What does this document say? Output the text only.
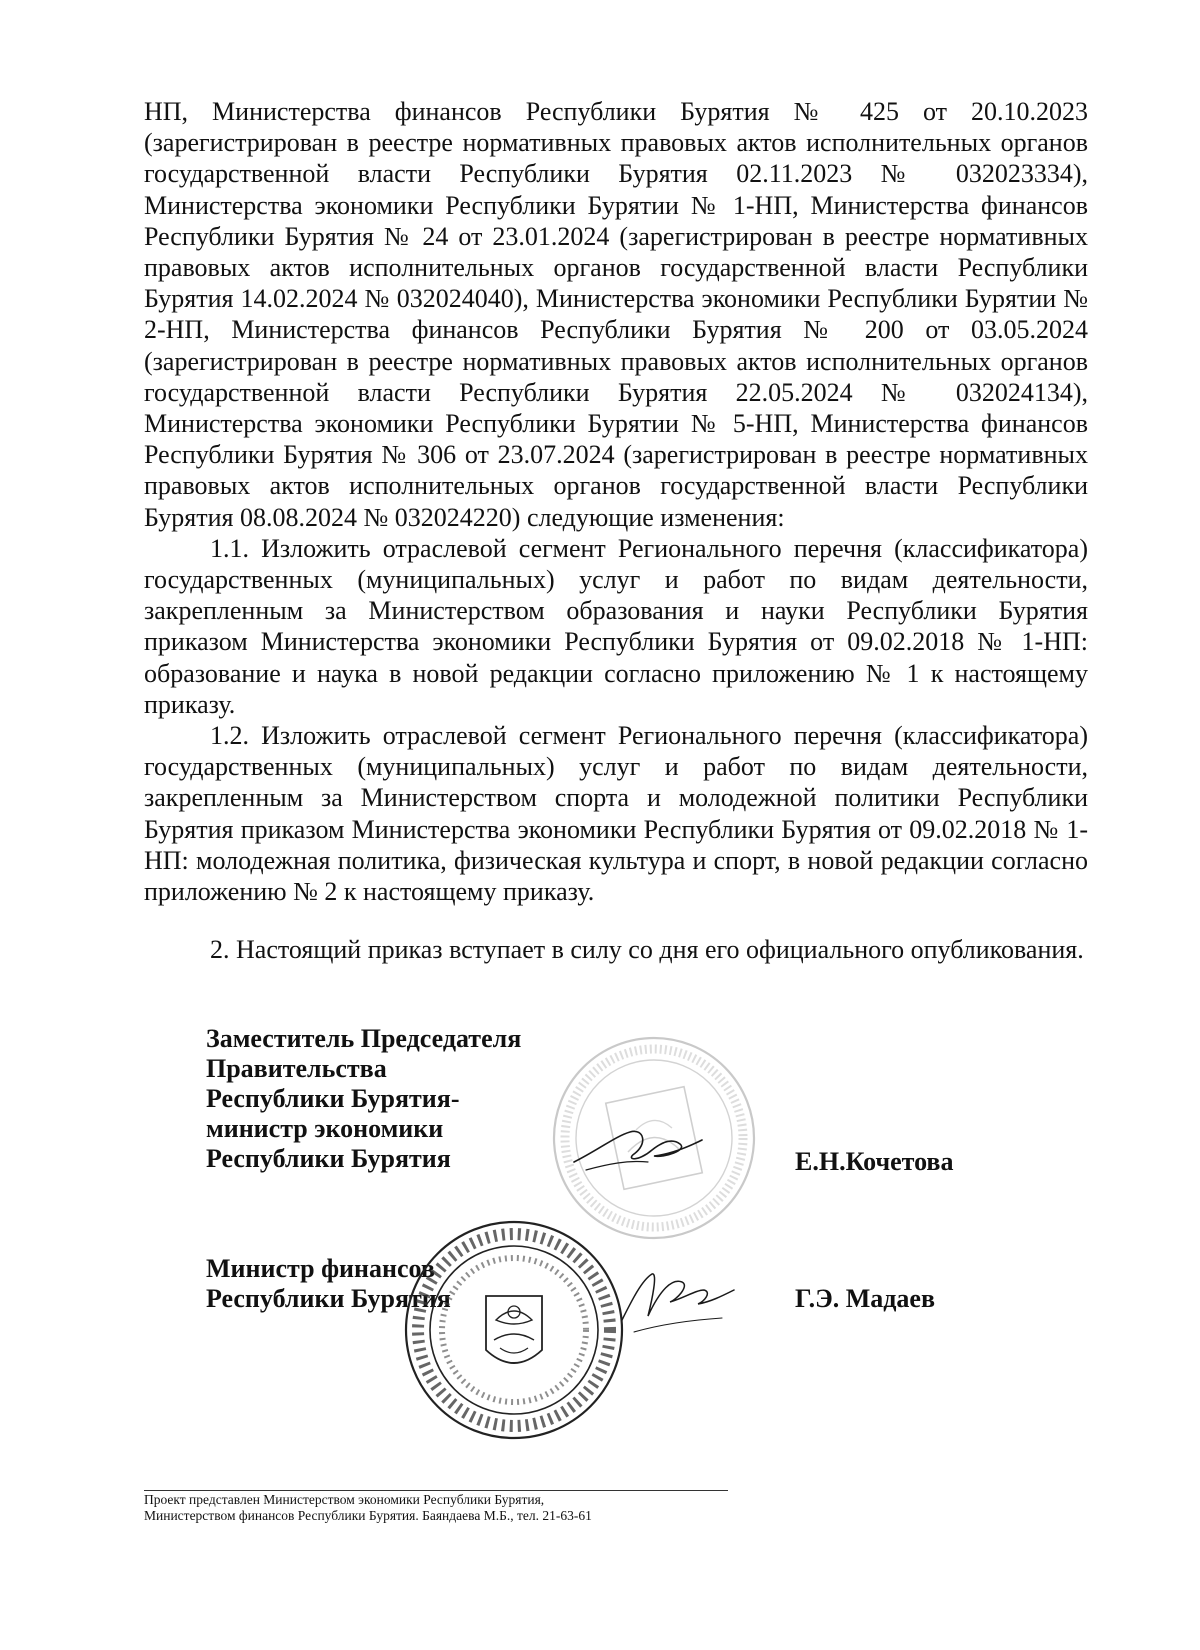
НП, Министерства финансов Республики Бурятия № 425 от 20.10.2023 (зарегистрирован в реестре нормативных правовых актов исполнительных органов государственной власти Республики Бурятия 02.11.2023 № 032023334), Министерства экономики Республики Бурятии № 1-НП, Министерства финансов Республики Бурятия № 24 от 23.01.2024 (зарегистрирован в реестре нормативных правовых актов исполнительных органов государственной власти Республики Бурятия 14.02.2024 № 032024040), Министерства экономики Республики Бурятии № 2-НП, Министерства финансов Республики Бурятия № 200 от 03.05.2024 (зарегистрирован в реестре нормативных правовых актов исполнительных органов государственной власти Республики Бурятия 22.05.2024 № 032024134), Министерства экономики Республики Бурятии № 5-НП, Министерства финансов Республики Бурятия № 306 от 23.07.2024 (зарегистрирован в реестре нормативных правовых актов исполнительных органов государственной власти Республики Бурятия 08.08.2024 № 032024220) следующие изменения:

1.1. Изложить отраслевой сегмент Регионального перечня (классификатора) государственных (муниципальных) услуг и работ по видам деятельности, закрепленным за Министерством образования и науки Республики Бурятия приказом Министерства экономики Республики Бурятия от 09.02.2018 № 1-НП: образование и наука в новой редакции согласно приложению № 1 к настоящему приказу.

1.2. Изложить отраслевой сегмент Регионального перечня (классификатора) государственных (муниципальных) услуг и работ по видам деятельности, закрепленным за Министерством спорта и молодежной политики Республики Бурятия приказом Министерства экономики Республики Бурятия от 09.02.2018 № 1-НП: молодежная политика, физическая культура и спорт, в новой редакции согласно приложению № 2 к настоящему приказу.

2. Настоящий приказ вступает в силу со дня его официального опубликования.

Заместитель Председателя
Правительства
Республики Бурятия-
министр экономики
Республики Бурятия	Е.Н.Кочетова
Министр финансов
Республики Бурятия	Г.Э. Мадаев
Проект представлен Министерством экономики Республики Бурятия,
Министерством финансов Республики Бурятия. Баяндаева М.Б., тел. 21-63-61
